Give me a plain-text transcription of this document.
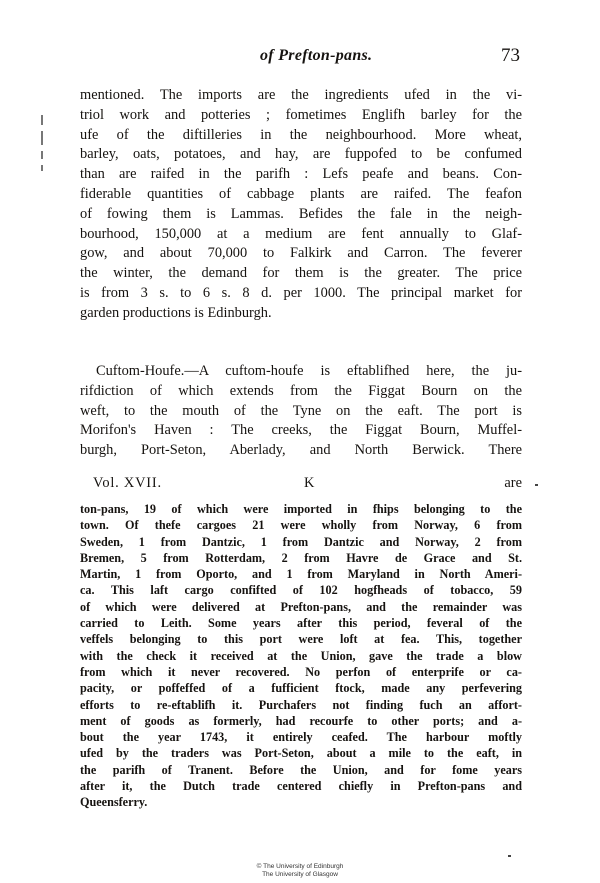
of Prefton-pans.	73
mentioned. The imports are the ingredients ufed in the vi-
triol work and potteries ; fometimes Englifh barley for the
ufe of the diftilleries in the neighbourhood. More wheat,
barley, oats, potatoes, and hay, are fuppofed to be confumed
than are raifed in the parifh : Lefs peafe and beans. Con-
fiderable quantities of cabbage plants are raifed. The feafon
of fowing them is Lammas. Befides the fale in the neigh-
bourhood, 150,000 at a medium are fent annually to Glaf-
gow, and about 70,000 to Falkirk and Carron. The feverer
the winter, the demand for them is the greater. The price
is from 3 s. to 6 s. 8 d. per 1000. The principal market for
garden productions is Edinburgh.
Cuftom-Houfe.—A cuftom-houfe is eftablifhed here, the ju-
rifdiction of which extends from the Figgat Bourn on the
weft, to the mouth of the Tyne on the eaft. The port is
Morifon's Haven : The creeks, the Figgat Bourn, Muffel-
burgh, Port-Seton, Aberlady, and North Berwick. There
Vol. XVII.	K	are
ton-pans, 19 of which were imported in fhips belonging to the
town. Of thefe cargoes 21 were wholly from Norway, 6 from
Sweden, 1 from Dantzic, 1 from Dantzic and Norway, 2 from
Bremen, 5 from Rotterdam, 2 from Havre de Grace and St.
Martin, 1 from Oporto, and 1 from Maryland in North Ameri-
ca. This laft cargo confifted of 102 hogfheads of tobacco, 59
of which were delivered at Prefton-pans, and the remainder was
carried to Leith. Some years after this period, feveral of the
veffels belonging to this port were loft at fea. This, together
with the check it received at the Union, gave the trade a blow
from which it never recovered. No perfon of enterprife or ca-
pacity, or poffeffed of a fufficient ftock, made any perfevering
efforts to re-eftablifh it. Purchafers not finding fuch an affort-
ment of goods as formerly, had recourfe to other ports; and a-
bout the year 1743, it entirely ceafed. The harbour moftly
ufed by the traders was Port-Seton, about a mile to the eaft, in
the parifh of Tranent. Before the Union, and for fome years
after it, the Dutch trade centered chiefly in Prefton-pans and
Queensferry.
© The University of Edinburgh
The University of Glasgow
